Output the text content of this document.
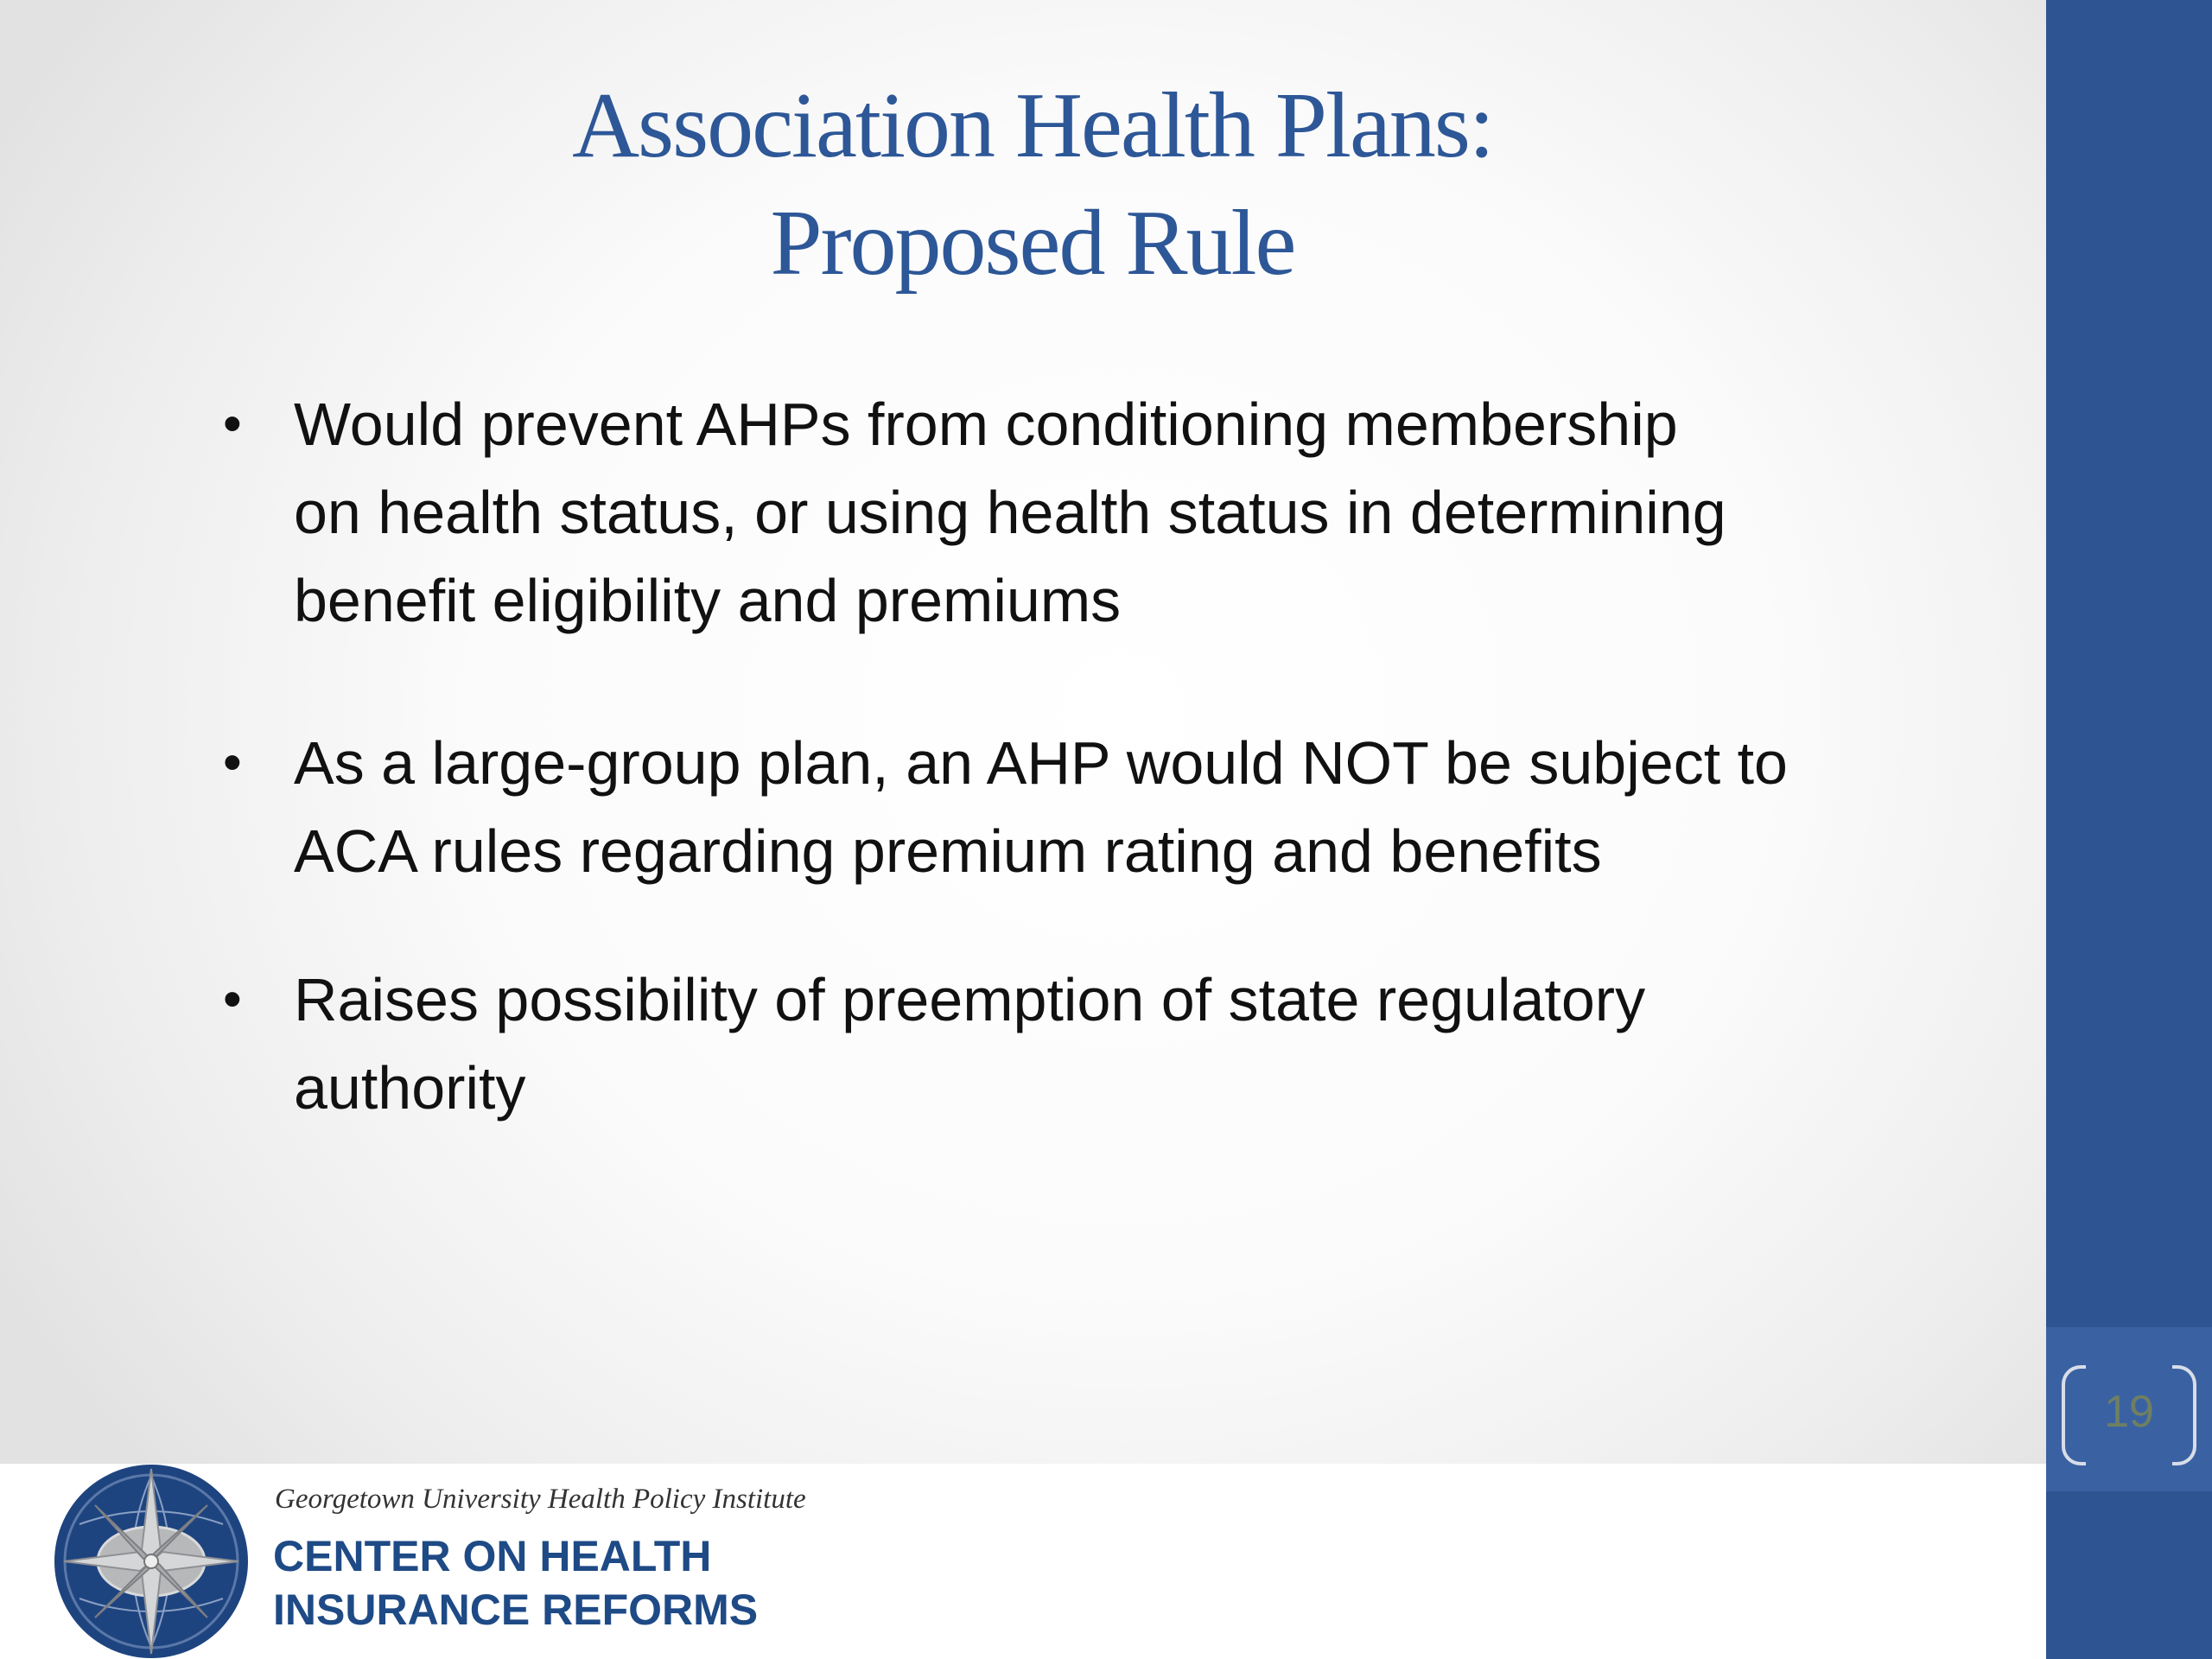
19
Association Health Plans:
Proposed Rule
• Would prevent AHPs from conditioning membership
on health status, or using health status in determining
benefit eligibility and premiums
• As a large-group plan, an AHP would NOT be subject to
ACA rules regarding premium rating and benefits
• Raises possibility of preemption of state regulatory
authority
Georgetown University Health Policy Institute
CENTER ON HEALTH
INSURANCE REFORMS
